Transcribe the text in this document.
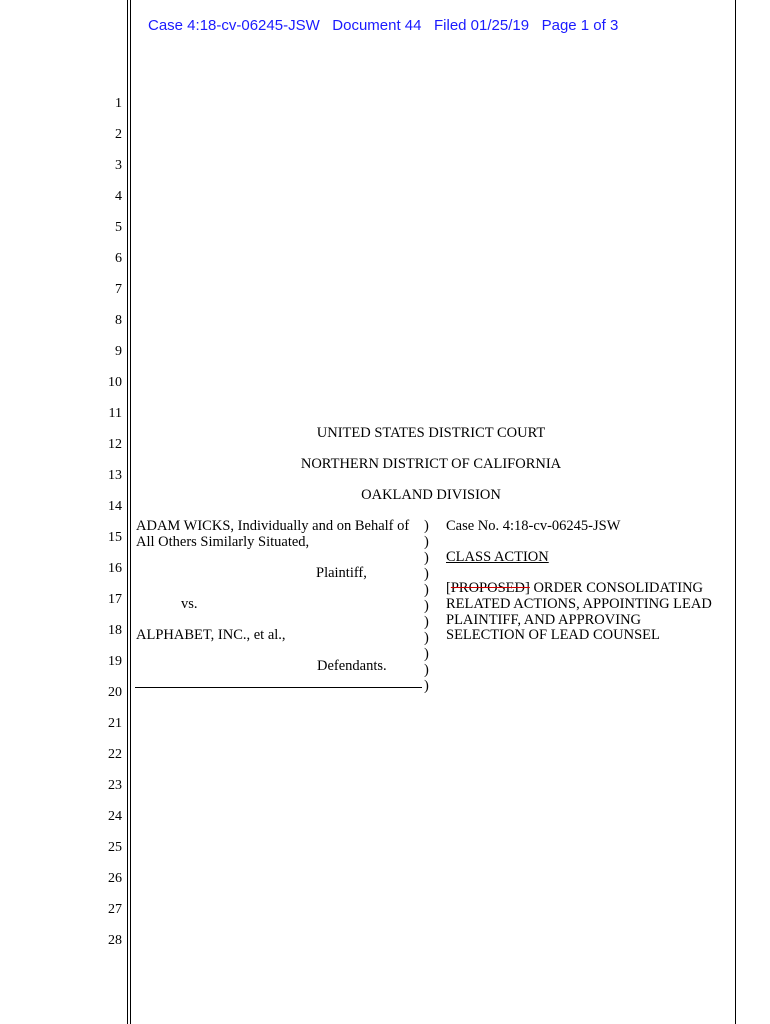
Case 4:18-cv-06245-JSW Document 44 Filed 01/25/19 Page 1 of 3
1
2
3
4
5
6
7
8
9
10
11
12
13
14
15
16
17
18
19
20
21
22
23
24
25
26
27
28
UNITED STATES DISTRICT COURT
NORTHERN DISTRICT OF CALIFORNIA
OAKLAND DIVISION
ADAM WICKS, Individually and on Behalf of
All Others Similarly Situated,
Plaintiff,
vs.
ALPHABET, INC., et al.,
Defendants.
)
)
)
)
)
)
)
)
)
)
)
Case No. 4:18-cv-06245-JSW
CLASS ACTION
[PROPOSED] ORDER CONSOLIDATING
RELATED ACTIONS, APPOINTING LEAD
PLAINTIFF, AND APPROVING
SELECTION OF LEAD COUNSEL
